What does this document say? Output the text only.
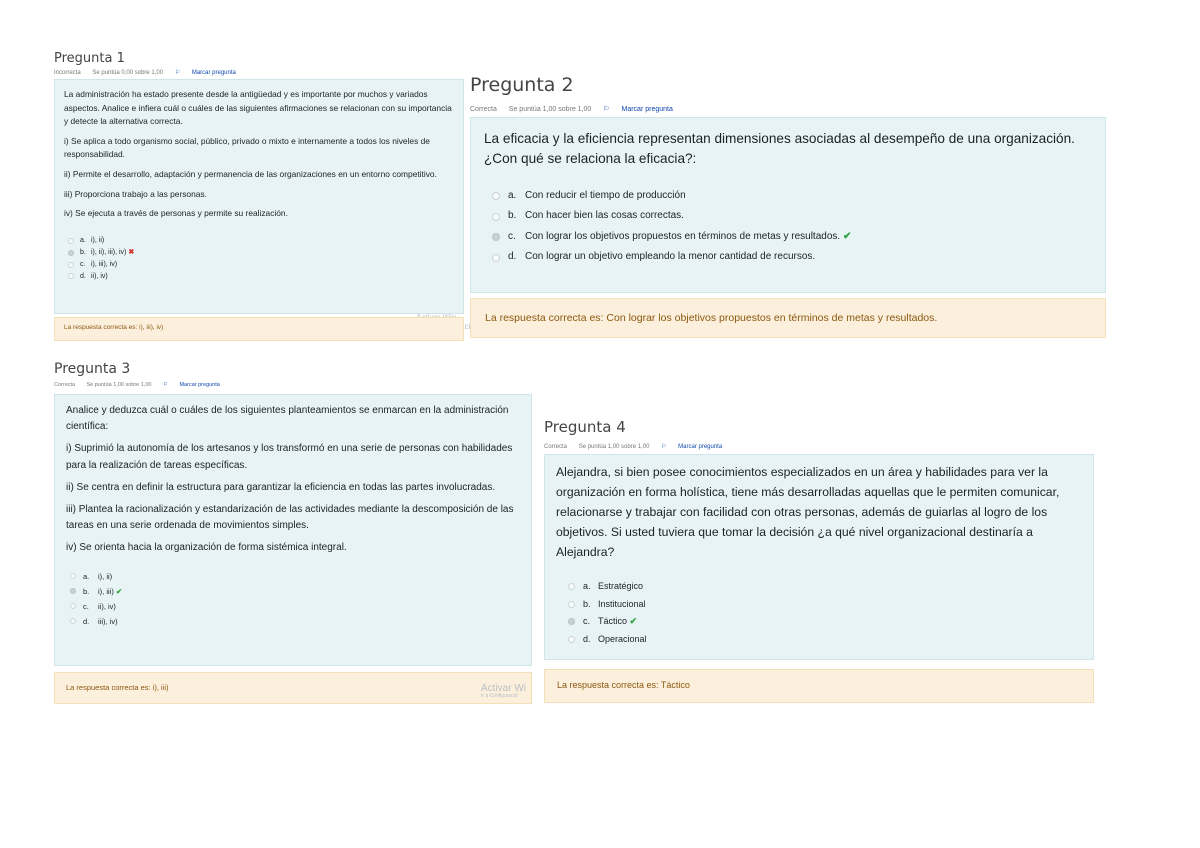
Pregunta 1
Incorrecta Se puntúa 0,00 sobre 1,00 ⚐ Marcar pregunta

La administración ha estado presente desde la antigüedad y es importante por muchos y variados aspectos. Analice e infiera cuál o cuáles de las siguientes afirmaciones se relacionan con su importancia y detecte la alternativa correcta.

i) Se aplica a todo organismo social, público, privado o mixto e internamente a todos los niveles de responsabilidad.

ii) Permite el desarrollo, adaptación y permanencia de las organizaciones en un entorno competitivo.

iii) Proporciona trabajo a las personas.

iv) Se ejecuta a través de personas y permite su realización.

a. i), ii)
b. i), ii), iii), iv)
✖
c. i), iii), iv)
d. ii), iv)
La respuesta correcta es: i), iii), iv)
Pregunta 2
Correcta Se puntúa 1,00 sobre 1,00 ⚐ Marcar pregunta

La eficacia y la eficiencia representan dimensiones asociadas al desempeño de una organización. ¿Con qué se relaciona la eficacia?:

a. Con reducir el tiempo de producción
b. Con hacer bien las cosas correctas.
c. Con lograr los objetivos propuestos en términos de metas y resultados.
✔
d. Con lograr un objetivo empleando la menor cantidad de recursos.
La respuesta correcta es: Con lograr los objetivos propuestos en términos de metas y resultados.
Pregunta 3
Correcta Se puntúa 1,00 sobre 1,00 ⚐ Marcar pregunta

Analice y deduzca cuál o cuáles de los siguientes planteamientos se enmarcan en la administración científica:

i) Suprimió la autonomía de los artesanos y los transformó en una serie de personas con habilidades para la realización de tareas específicas.

ii) Se centra en definir la estructura para garantizar la eficiencia en todas las partes involucradas.

iii) Plantea la racionalización y estandarización de las actividades mediante la descomposición de las tareas en una serie ordenada de movimientos simples.

iv) Se orienta hacia la organización de forma sistémica integral.

a.	i), ii)
b.	i), iii)
✔
c.	ii), iv)
d.	iii), iv)
La respuesta correcta es: i), iii)	Activar Wi
Ir a Configuració
Pregunta 4
Correcta Se puntúa 1,00 sobre 1,00 ⚐ Marcar pregunta

Alejandra, si bien posee conocimientos especializados en un área y habilidades para ver la organización en forma holística, tiene más desarrolladas aquellas que le permiten comunicar, relacionarse y trabajar con facilidad con otras personas, además de guiarlas al logro de los objetivos. Si usted tuviera que tomar la decisión ¿a qué nivel organizacional destinaría a Alejandra?

a. Estratégico
b. Institucional
c. Táctico
✔
d. Operacional
La respuesta correcta es: Táctico
